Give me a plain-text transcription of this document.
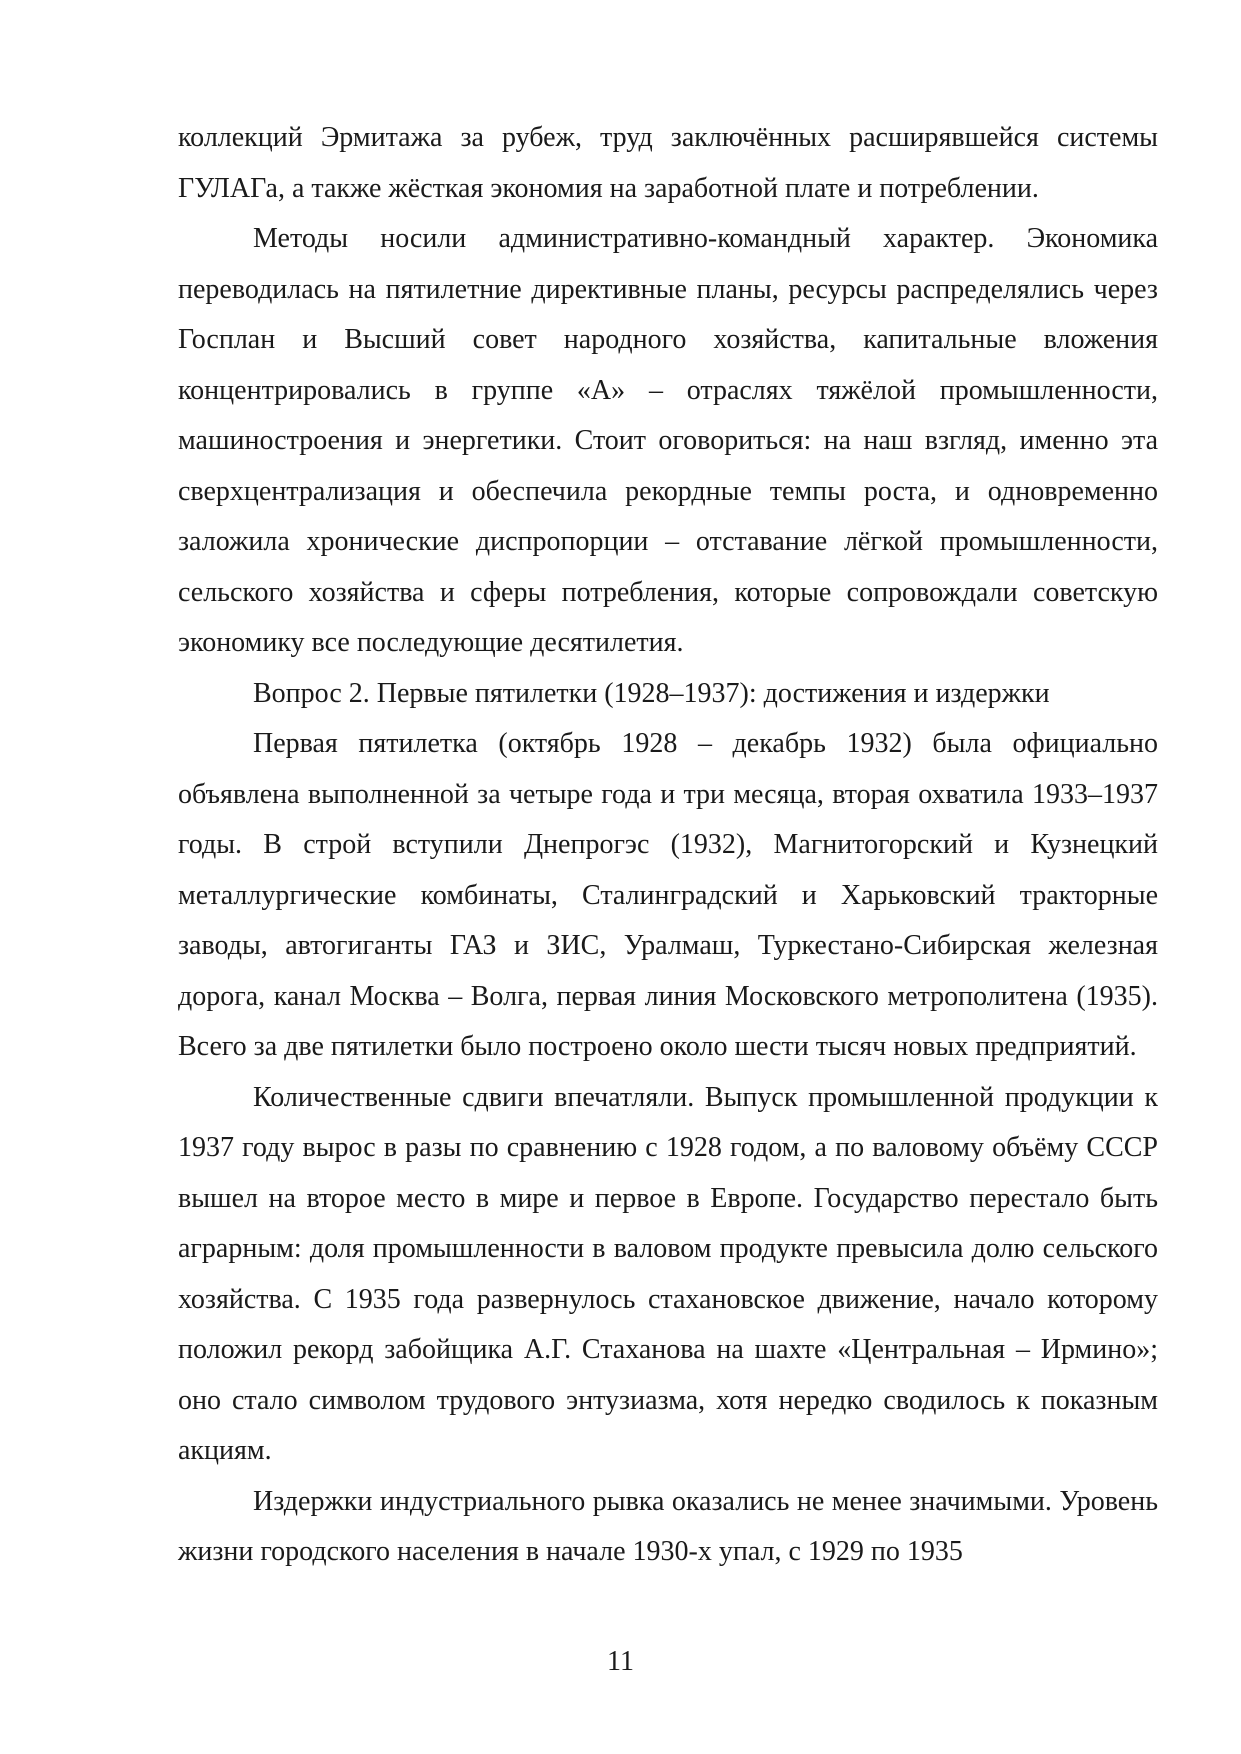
коллекций Эрмитажа за рубеж, труд заключённых расширявшейся системы ГУЛАГа, а также жёсткая экономия на заработной плате и потреблении.

Методы носили административно-командный характер. Экономика переводилась на пятилетние директивные планы, ресурсы распределялись через Госплан и Высший совет народного хозяйства, капитальные вложения концентрировались в группе «А» – отраслях тяжёлой промышленности, машиностроения и энергетики. Стоит оговориться: на наш взгляд, именно эта сверхцентрализация и обеспечила рекордные темпы роста, и одновременно заложила хронические диспропорции – отставание лёгкой промышленности, сельского хозяйства и сферы потребления, которые сопровождали советскую экономику все последующие десятилетия.

Вопрос 2. Первые пятилетки (1928–1937): достижения и издержки

Первая пятилетка (октябрь 1928 – декабрь 1932) была официально объявлена выполненной за четыре года и три месяца, вторая охватила 1933–1937 годы. В строй вступили Днепрогэс (1932), Магнитогорский и Кузнецкий металлургические комбинаты, Сталинградский и Харьковский тракторные заводы, автогиганты ГАЗ и ЗИС, Уралмаш, Туркестано-Сибирская железная дорога, канал Москва – Волга, первая линия Московского метрополитена (1935). Всего за две пятилетки было построено около шести тысяч новых предприятий.

Количественные сдвиги впечатляли. Выпуск промышленной продукции к 1937 году вырос в разы по сравнению с 1928 годом, а по валовому объёму СССР вышел на второе место в мире и первое в Европе. Государство перестало быть аграрным: доля промышленности в валовом продукте превысила долю сельского хозяйства. С 1935 года развернулось стахановское движение, начало которому положил рекорд забойщика А.Г. Стаханова на шахте «Центральная – Ирмино»; оно стало символом трудового энтузиазма, хотя нередко сводилось к показным акциям.

Издержки индустриального рывка оказались не менее значимыми. Уровень жизни городского населения в начале 1930-х упал, с 1929 по 1935

11
